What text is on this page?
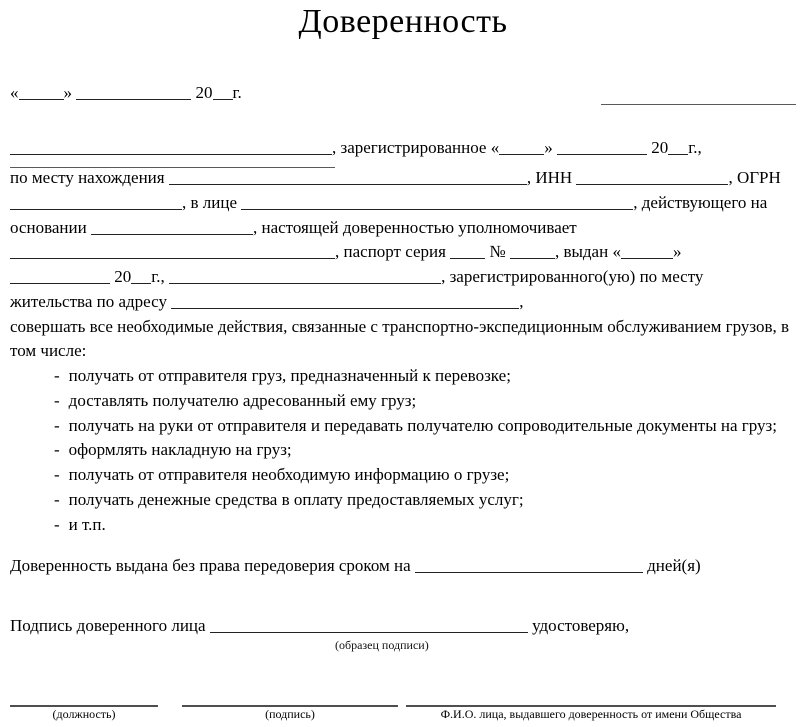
Доверенность
«	»	20 г.
, зарегистрированное «	»	20 г.,
по месту нахождения	, ИНН	, ОГРН
, в лице	, действующего на
основании	, настоящей доверенностью уполномочивает
, паспорт серия	№	, выдан «	»
20 г.,	, зарегистрированного(ую) по месту
жительства по адресу	,
совершать все необходимые действия, связанные с транспортно-экспедиционным обслуживанием грузов, в
том числе:
- получать от отправителя груз, предназначенный к перевозке;
- доставлять получателю адресованный ему груз;
- получать на руки от отправителя и передавать получателю сопроводительные документы на груз;
- оформлять накладную на груз;
- получать от отправителя необходимую информацию о грузе;
- получать денежные средства в оплату предоставляемых услуг;
- и т.п.
Доверенность выдана без права передоверия сроком на	дней(я)
Подпись доверенного лица	удостоверяю,
(образец подписи)
(должность)	(подпись)	Ф.И.О. лица, выдавшего доверенность от имени Общества
